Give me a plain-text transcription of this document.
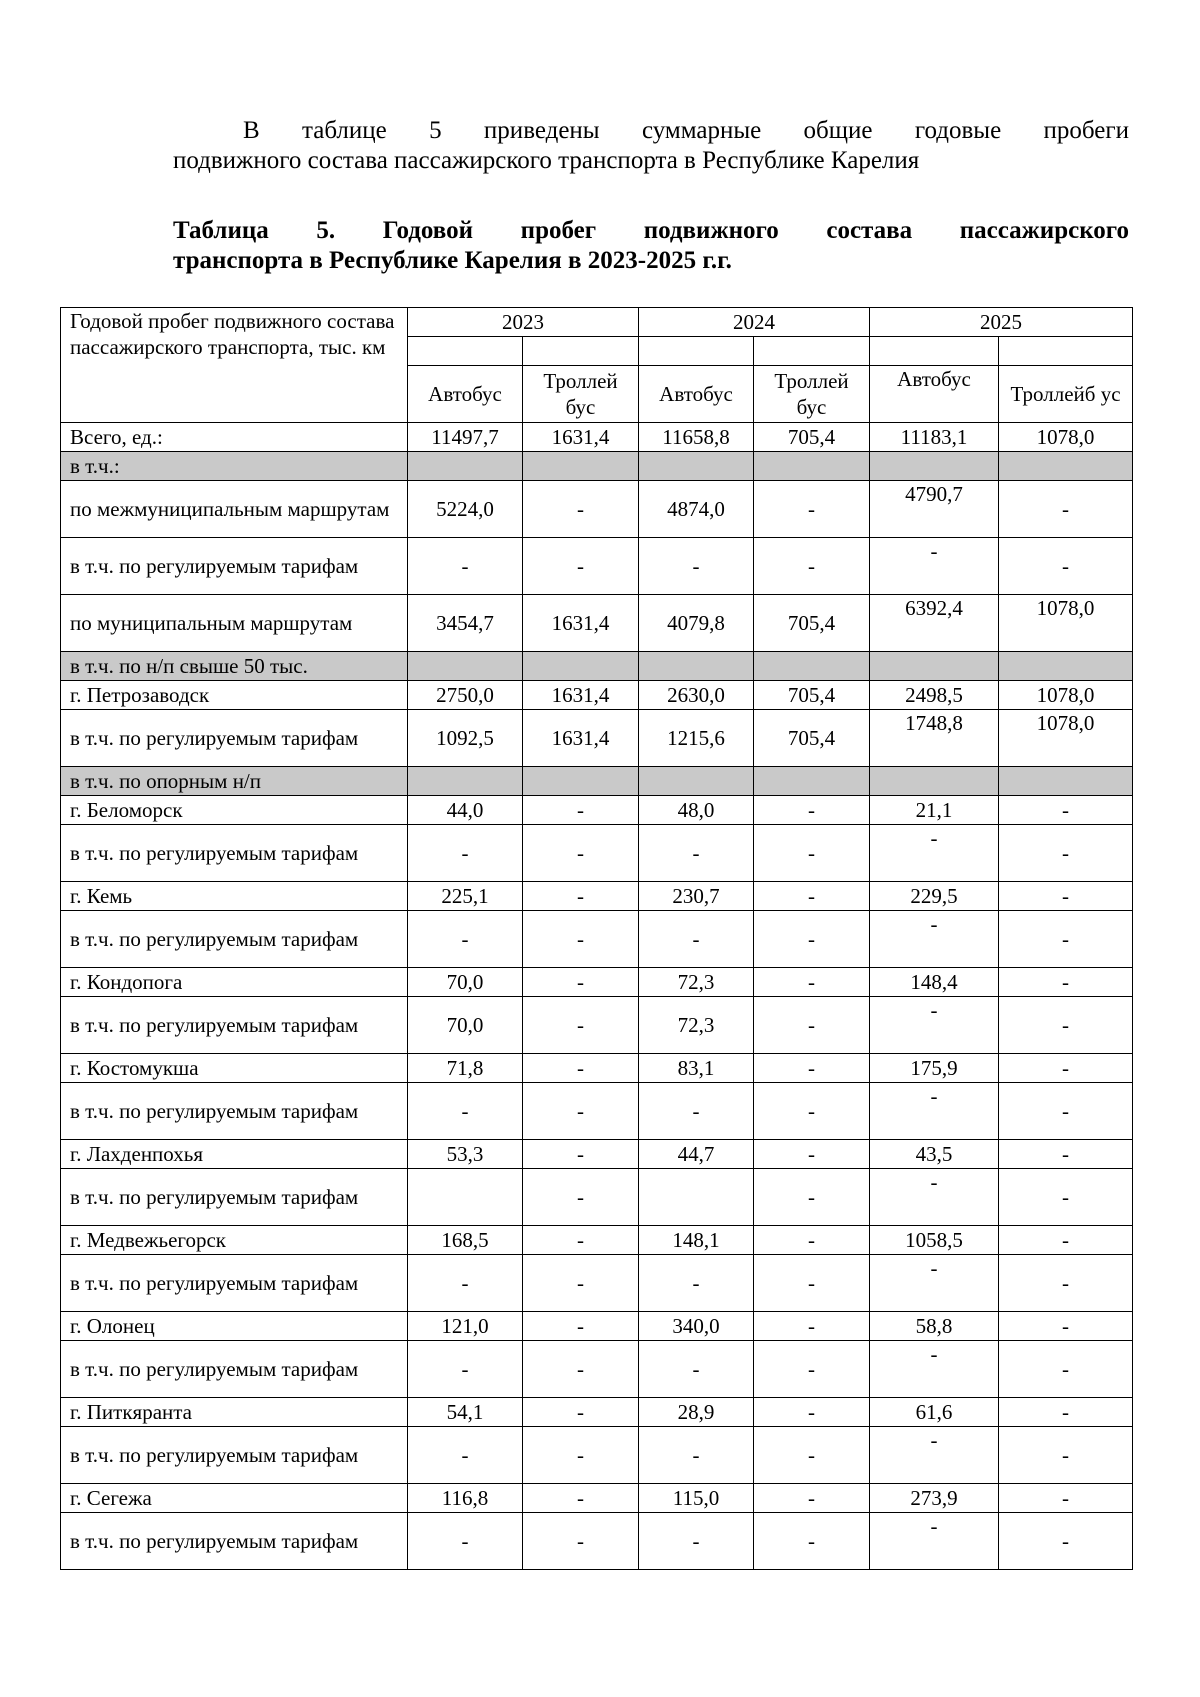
В таблице 5 приведены суммарные общие годовые пробеги
подвижного состава пассажирского транспорта в Республике Карелия

Таблица 5. Годовой пробег подвижного состава пассажирского
транспорта в Республике Карелия в 2023-2025 г.г.

Годовой пробег подвижного состава пассажирского транспорта, тыс. км	2023		2024		2025	

	Автобус	Троллей бус	Автобус	Троллей бус	Автобус	Троллейб ус
Всего, ед.:	11497,7	1631,4	11658,8	705,4	11183,1	1078,0
в т.ч.:						
по межмуниципальным маршрутам	5224,0	-	4874,0	-	4790,7	-
в т.ч. по регулируемым тарифам	-	-	-	-	-	-
по муниципальным маршрутам	3454,7	1631,4	4079,8	705,4	6392,4	1078,0
в т.ч. по н/п свыше 50 тыс.						
г. Петрозаводск	2750,0	1631,4	2630,0	705,4	2498,5	1078,0
в т.ч. по регулируемым тарифам	1092,5	1631,4	1215,6	705,4	1748,8	1078,0
в т.ч. по опорным н/п						
г. Беломорск	44,0	-	48,0	-	21,1	-
в т.ч. по регулируемым тарифам	-	-	-	-	-	-
г. Кемь	225,1	-	230,7	-	229,5	-
в т.ч. по регулируемым тарифам	-	-	-	-	-	-
г. Кондопога	70,0	-	72,3	-	148,4	-
в т.ч. по регулируемым тарифам	70,0	-	72,3	-	-	-
г. Костомукша	71,8	-	83,1	-	175,9	-
в т.ч. по регулируемым тарифам	-	-	-	-	-	-
г. Лахденпохья	53,3	-	44,7	-	43,5	-
в т.ч. по регулируемым тарифам		-		-	-	-
г. Медвежьегорск	168,5	-	148,1	-	1058,5	-
в т.ч. по регулируемым тарифам	-	-	-	-	-	-
г. Олонец	121,0	-	340,0	-	58,8	-
в т.ч. по регулируемым тарифам	-	-	-	-	-	-
г. Питкяранта	54,1	-	28,9	-	61,6	-
в т.ч. по регулируемым тарифам	-	-	-	-	-	-
г. Сегежа	116,8	-	115,0	-	273,9	-
в т.ч. по регулируемым тарифам	-	-	-	-	-	-
